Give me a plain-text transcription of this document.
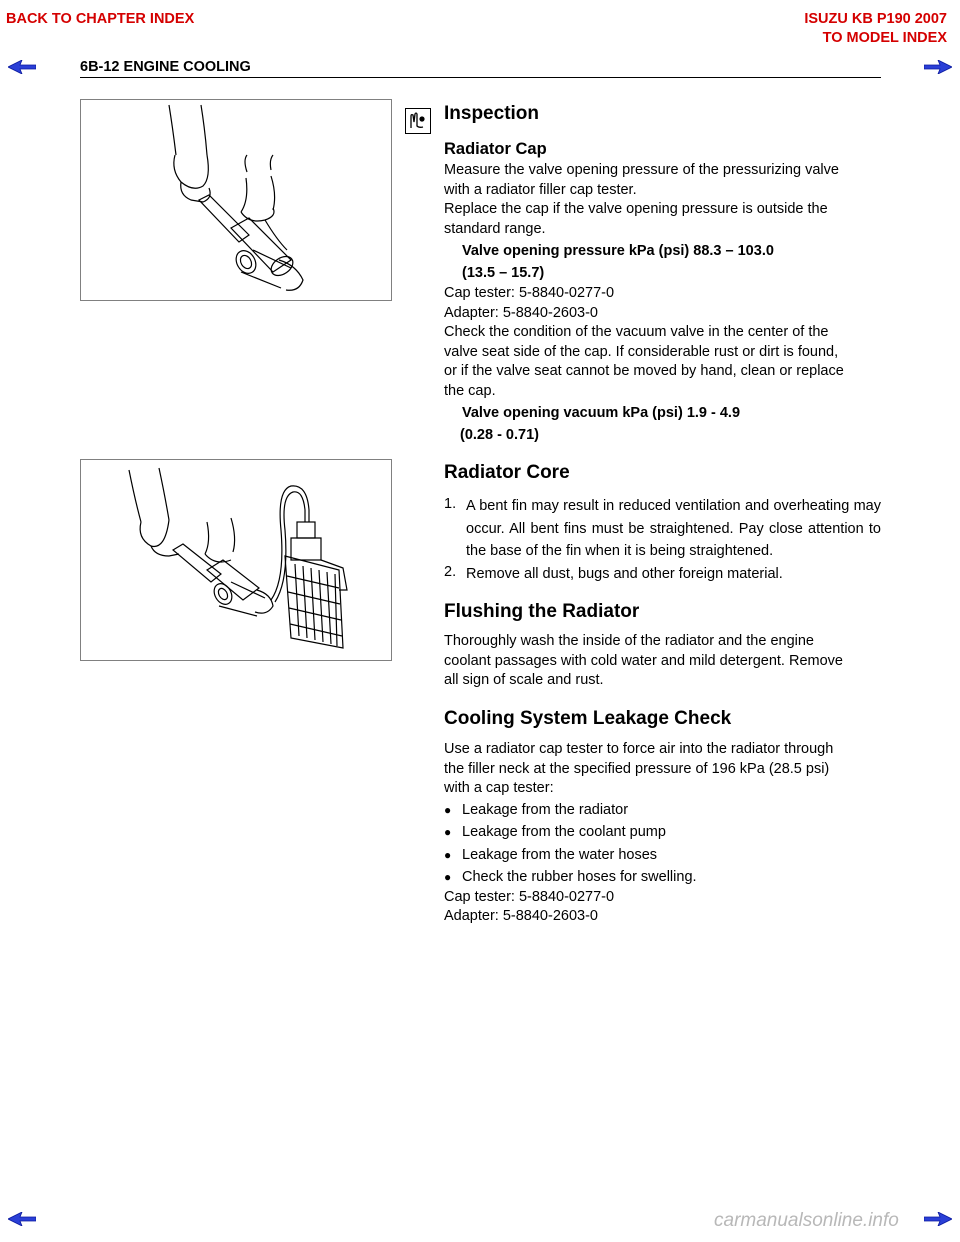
BACK TO CHAPTER INDEX	ISUZU KB P190 2007
TO MODEL INDEX
6B-12 ENGINE COOLING
Inspection
Radiator Cap
Measure the valve opening pressure of the pressurizing valve
with a radiator filler cap tester.
Replace the cap if the valve opening pressure is outside the
standard range.
Valve opening pressure kPa (psi) 88.3 – 103.0
(13.5 – 15.7)
Cap tester: 5-8840-0277-0
Adapter: 5-8840-2603-0
Check the condition of the vacuum valve in the center of the
valve seat side of the cap. If considerable rust or dirt is found,
or if the valve seat cannot be moved by hand, clean or replace
the cap.
Valve opening vacuum kPa (psi) 1.9 - 4.9
(0.28 - 0.71)
Radiator Core
1. A bent fin may result in reduced ventilation and overheating may occur. All bent fins must be straightened. Pay close attention to the base of the fin when it is being straightened.
2. Remove all dust, bugs and other foreign material.
Flushing the Radiator
Thoroughly wash the inside of the radiator and the engine
coolant passages with cold water and mild detergent. Remove
all sign of scale and rust.
Cooling System Leakage Check
Use a radiator cap tester to force air into the radiator through
the filler neck at the specified pressure of 196 kPa (28.5 psi)
with a cap tester:
● Leakage from the radiator
● Leakage from the coolant pump
● Leakage from the water hoses
● Check the rubber hoses for swelling.
Cap tester: 5-8840-0277-0
Adapter: 5-8840-2603-0
carmanualsonline.info
